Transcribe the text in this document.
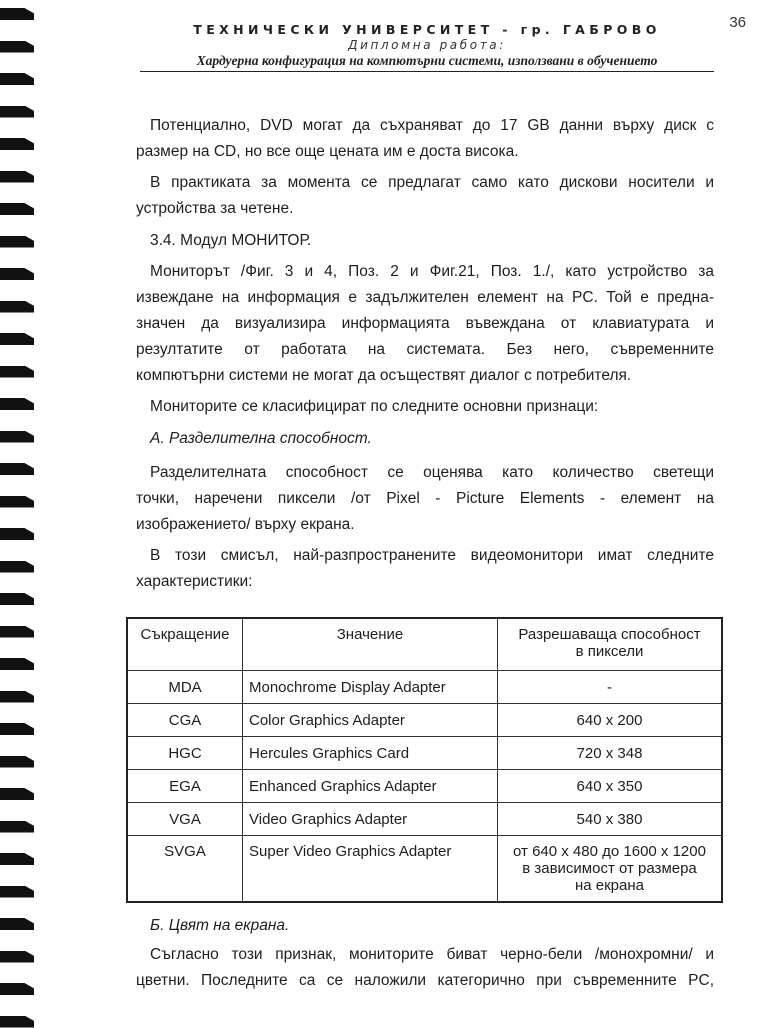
36
ТЕХНИЧЕСКИ УНИВЕРСИТЕТ - гр. ГАБРОВО
Дипломна работа:
Хардуерна конфигурация на компютърни системи, използвани в обучението
Потенциално, DVD могат да съхраняват до 17 GB данни върху диск с
размер на CD, но все още цената им е доста висока.
В практиката за момента се предлагат само като дискови носители и
устройства за четене.
3.4. Модул МОНИТОР.
Мониторът /Фиг. 3 и 4, Поз. 2 и Фиг.21, Поз. 1./, като устройство за
извеждане на информация е задължителен елемент на PC. Той е предна-
значен да визуализира информацията въвеждана от клавиатурата и
резултатите от работата на системата. Без него, съвременните
компютърни системи не могат да осъществят диалог с потребителя.
Мониторите се класифицират по следните основни признаци:
А. Разделителна способност.
Разделителната способност се оценява като количество светещи
точки, наречени пиксели /от Pixel - Picture Elements - елемент на
изображението/ върху екрана.
В този смисъл, най-разпространените видеомонитори имат следните
характеристики:
Съкращение	Значение	Разрешаваща способност
в пиксели

MDA	Monochrome Display Adapter	-
CGA	Color Graphics Adapter	640 x 200
HGC	Hercules Graphics Card	720 x 348
EGA	Enhanced Graphics Adapter	640 x 350
VGA	Video Graphics Adapter	540 x 380
SVGA	Super Video Graphics Adapter	от 640 x 480 до 1600 x 1200
в зависимост от размера
на екрана
Б. Цвят на екрана.
Съгласно този признак, мониторите биват черно-бели /монохромни/ и
цветни. Последните са се наложили категорично при съвременните PC,
